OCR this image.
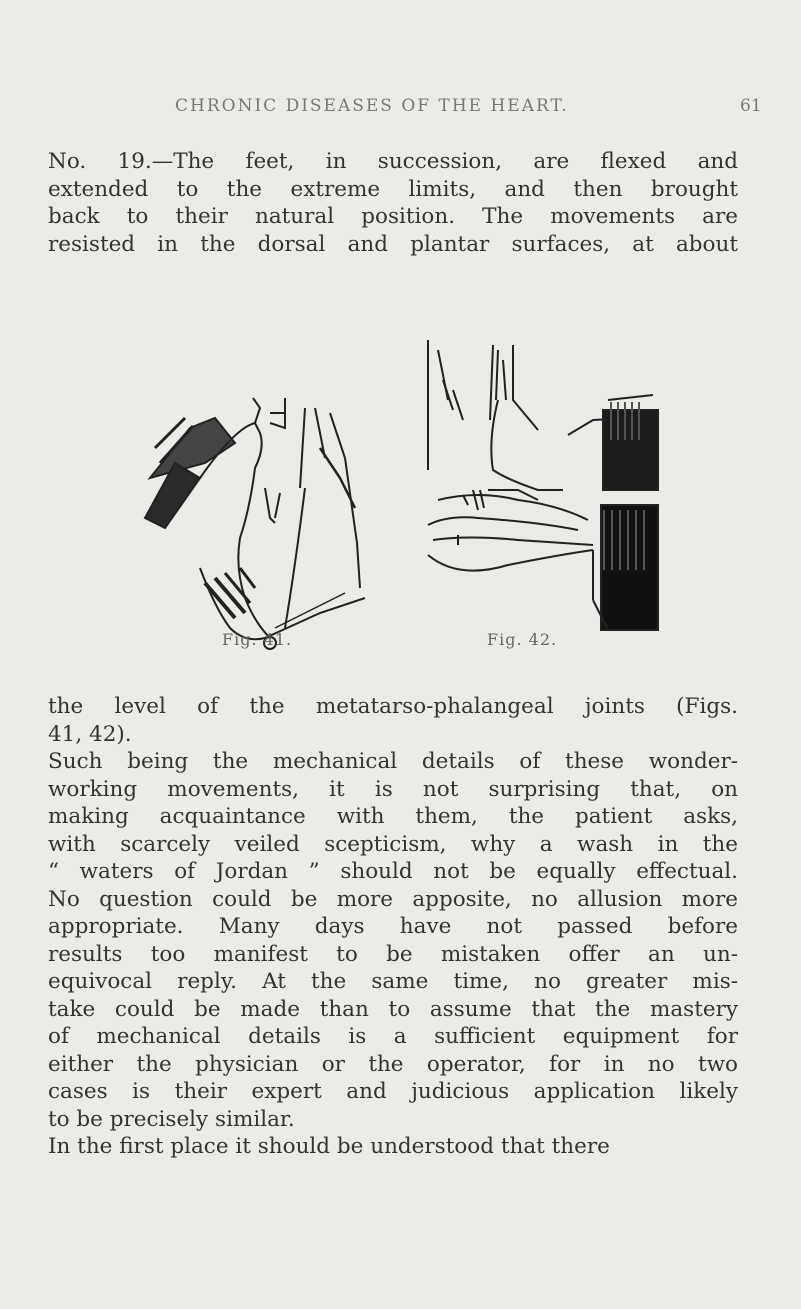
CHRONIC DISEASES OF THE HEART.	61

No. 19.—The feet, in succession, are flexed and
extended to the extreme limits, and then brought
back to their natural position. The movements are
resisted in the dorsal and plantar surfaces, at about

Fig. 41.	Fig. 42.

the level of the metatarso-phalangeal joints (Figs.
41, 42).
Such being the mechanical details of these wonder-
working movements, it is not surprising that, on
making acquaintance with them, the patient asks,
with scarcely veiled scepticism, why a wash in the
“ waters of Jordan ” should not be equally effectual.
No question could be more apposite, no allusion more
appropriate. Many days have not passed before
results too manifest to be mistaken offer an un-
equivocal reply. At the same time, no greater mis-
take could be made than to assume that the mastery
of mechanical details is a sufficient equipment for
either the physician or the operator, for in no two
cases is their expert and judicious application likely
to be precisely similar.
In the first place it should be understood that there
